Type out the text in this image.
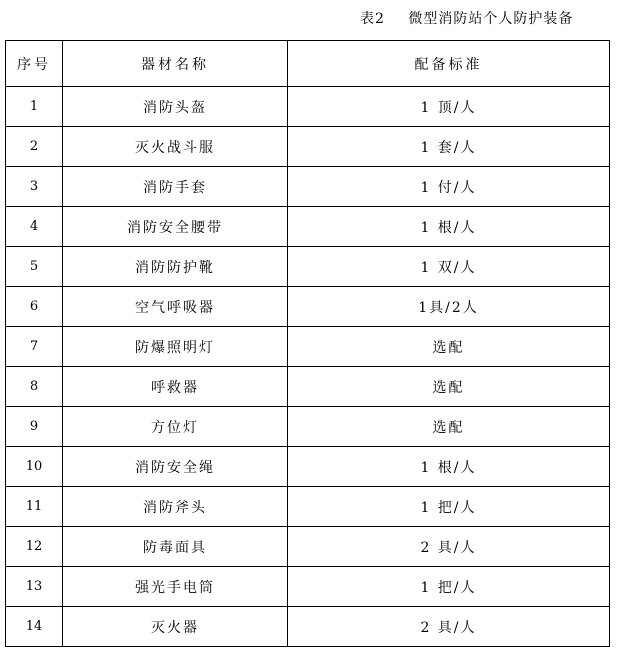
表2 微型消防站个人防护装备
序号	器材名称	配备标准
1	消防头盔	1 顶/人
2	灭火战斗服	1 套/人
3	消防手套	1 付/人
4	消防安全腰带	1 根/人
5	消防防护靴	1 双/人
6	空气呼吸器	1具/2人
7	防爆照明灯	选配
8	呼救器	选配
9	方位灯	选配
10	消防安全绳	1 根/人
11	消防斧头	1 把/人
12	防毒面具	2 具/人
13	强光手电筒	1 把/人
14	灭火器	2 具/人
